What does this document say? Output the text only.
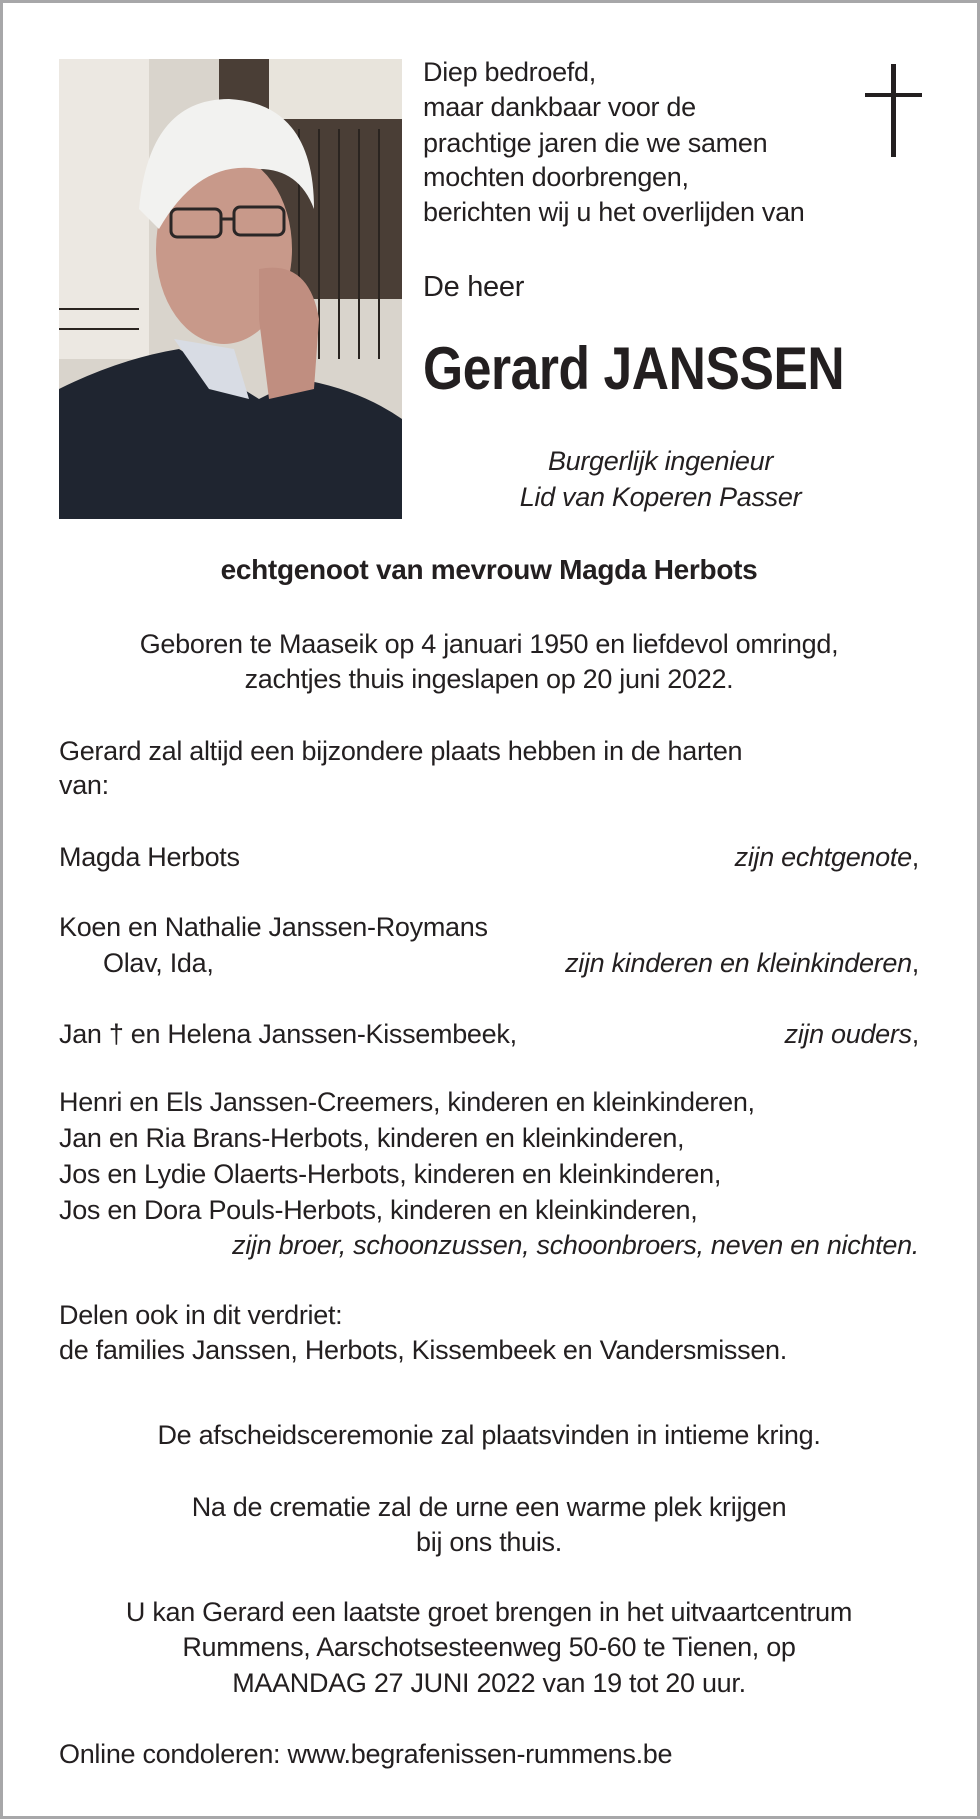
Diep bedroefd,
maar dankbaar voor de
prachtige jaren die we samen
mochten doorbrengen,
berichten wij u het overlijden van
De heer
Gerard JANSSEN
Burgerlijk ingenieur
Lid van Koperen Passer
echtgenoot van mevrouw Magda Herbots
Geboren te Maaseik op 4 januari 1950 en liefdevol omringd,
zachtjes thuis ingeslapen op 20 juni 2022.
Gerard zal altijd een bijzondere plaats hebben in de harten
van:
Magda Herbots	zijn echtgenote,
Koen en Nathalie Janssen-Roymans
Olav, Ida,	zijn kinderen en kleinkinderen,
Jan † en Helena Janssen-Kissembeek,	zijn ouders,
Henri en Els Janssen-Creemers, kinderen en kleinkinderen,
Jan en Ria Brans-Herbots, kinderen en kleinkinderen,
Jos en Lydie Olaerts-Herbots, kinderen en kleinkinderen,
Jos en Dora Pouls-Herbots, kinderen en kleinkinderen,
zijn broer, schoonzussen, schoonbroers, neven en nichten.
Delen ook in dit verdriet:
de families Janssen, Herbots, Kissembeek en Vandersmissen.
De afscheidsceremonie zal plaatsvinden in intieme kring.
Na de crematie zal de urne een warme plek krijgen
bij ons thuis.
U kan Gerard een laatste groet brengen in het uitvaartcentrum
Rummens, Aarschotsesteenweg 50-60 te Tienen, op
MAANDAG 27 JUNI 2022 van 19 tot 20 uur.
Online condoleren: www.begrafenissen-rummens.be
